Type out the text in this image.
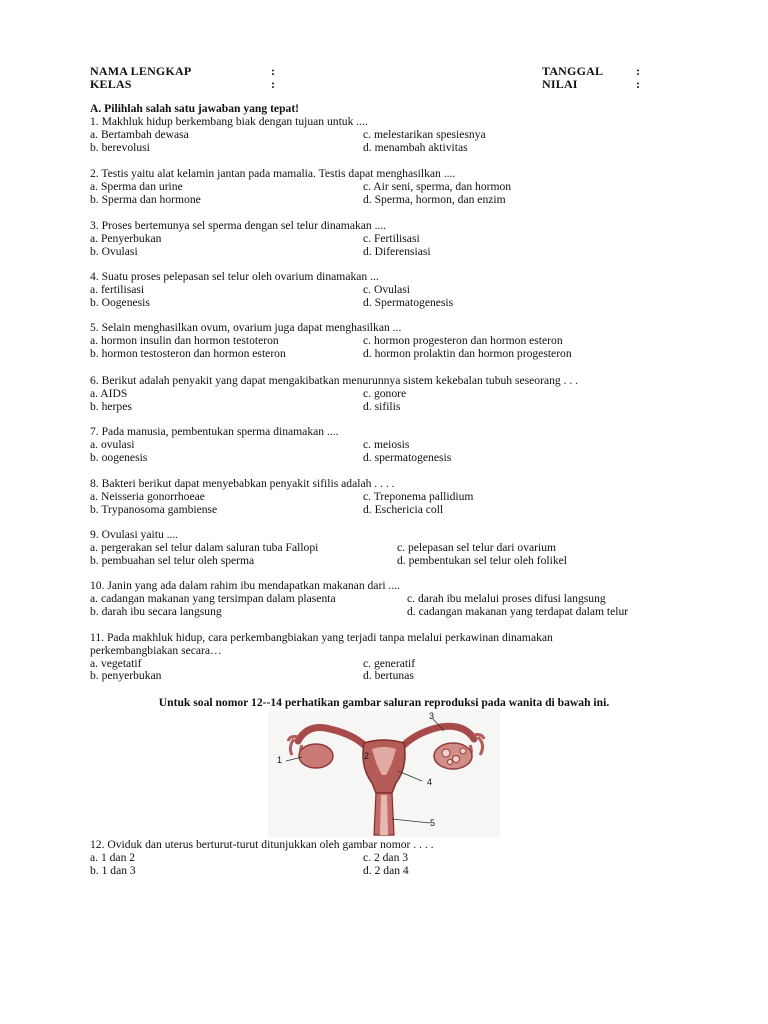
NAMA LENGKAP	:
KELAS	:
TANGGAL	:
NILAI	:
A. Pilihlah salah satu jawaban yang tepat!
1. Makhluk hidup berkembang biak dengan tujuan untuk ....
a. Bertambah dewasa
b. berevolusi
c. melestarikan spesiesnya
d. menambah aktivitas
2. Testis yaitu alat kelamin jantan pada mamalia. Testis dapat menghasilkan ....
a. Sperma dan urine
b. Sperma dan hormone
c. Air seni, sperma, dan hormon
d. Sperma, hormon, dan enzim
3. Proses bertemunya sel sperma dengan sel telur dinamakan ....
a. Penyerbukan
b. Ovulasi
c. Fertilisasi
d. Diferensiasi
4. Suatu proses pelepasan sel telur oleh ovarium dinamakan ...
a. fertilisasi
b. Oogenesis
c. Ovulasi
d. Spermatogenesis
5. Selain menghasilkan ovum, ovarium juga dapat menghasilkan ...
a. hormon insulin dan hormon testoteron
b. hormon testosteron dan hormon esteron
c. hormon progesteron dan hormon esteron
d. hormon prolaktin dan hormon progesteron
6. Berikut adalah penyakit yang dapat mengakibatkan menurunnya sistem kekebalan tubuh seseorang . . .
a. AIDS
b. herpes
c. gonore
d. sifilis
7. Pada manusia, pembentukan sperma dinamakan ....
a. ovulasi
b. oogenesis
c. meiosis
d. spermatogenesis
8. Bakteri berikut dapat menyebabkan penyakit sifilis adalah . . . .
a. Neisseria gonorrhoeae
b. Trypanosoma gambiense
c. Treponema pallidium
d. Eschericia coll
9. Ovulasi yaitu ....
a. pergerakan sel telur dalam saluran tuba Fallopi
b. pembuahan sel telur oleh sperma
c. pelepasan sel telur dari ovarium
d. pembentukan sel telur oleh folikel
10. Janin yang ada dalam rahim ibu mendapatkan makanan dari ....
a. cadangan makanan yang tersimpan dalam plasenta
b. darah ibu secara langsung
c. darah ibu melalui proses difusi langsung
d. cadangan makanan yang terdapat dalam telur
11. Pada makhluk hidup, cara perkembangbiakan yang terjadi tanpa melalui perkawinan dinamakan
perkembangbiakan secara…
a. vegetatif
b. penyerbukan
c. generatif
d. bertunas
Untuk soal nomor 12--14 perhatikan gambar saluran reproduksi pada wanita di bawah ini.
1	2
3
4
5
12. Oviduk dan uterus berturut-turut ditunjukkan oleh gambar nomor . . . .
a. 1 dan 2
b. 1 dan 3
c. 2 dan 3
d. 2 dan 4
